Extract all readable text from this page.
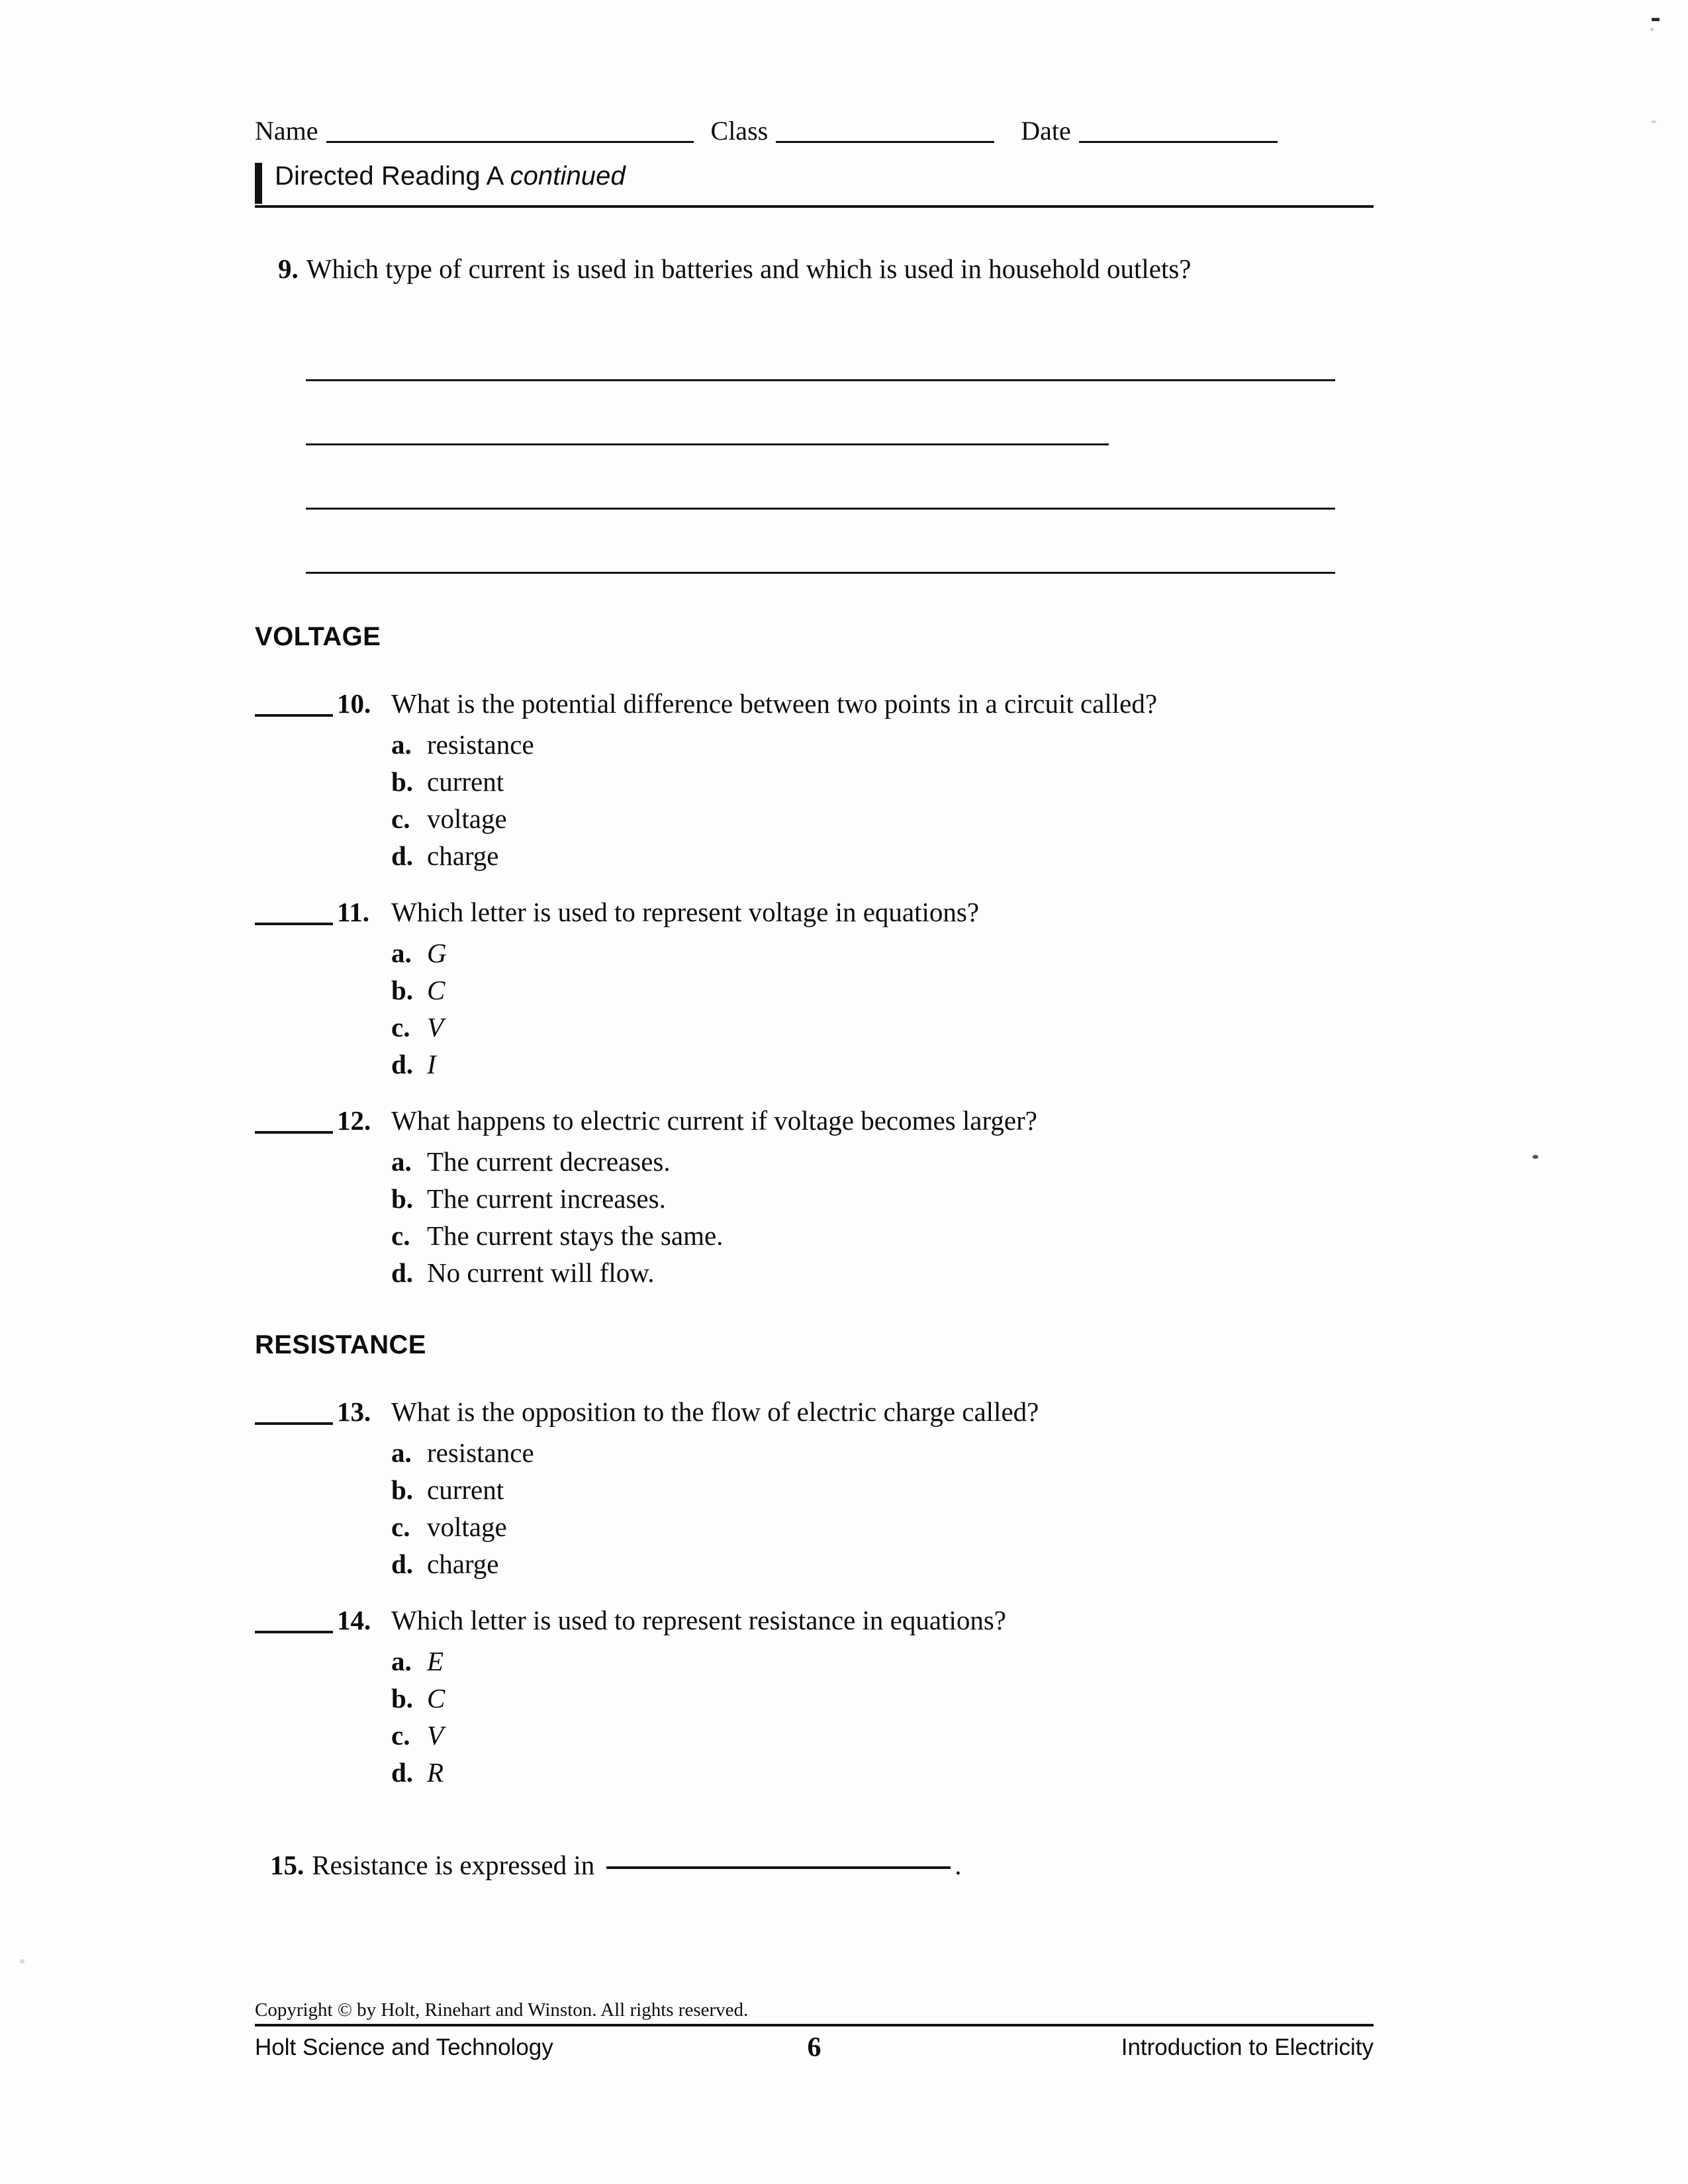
Name	Class	Date
Directed Reading A continued
9. Which type of current is used in batteries and which is used in household outlets?
VOLTAGE
10. What is the potential difference between two points in a circuit called?
a. resistance
b. current
c. voltage
d. charge
11. Which letter is used to represent voltage in equations?
a. G
b. C
c. V
d. I
12. What happens to electric current if voltage becomes larger?
a. The current decreases.
b. The current increases.
c. The current stays the same.
d. No current will flow.
RESISTANCE
13. What is the opposition to the flow of electric charge called?
a. resistance
b. current
c. voltage
d. charge
14. Which letter is used to represent resistance in equations?
a. E
b. C
c. V
d. R
15. Resistance is expressed in	.
Copyright © by Holt, Rinehart and Winston. All rights reserved.
Holt Science and Technology	6	Introduction to Electricity
